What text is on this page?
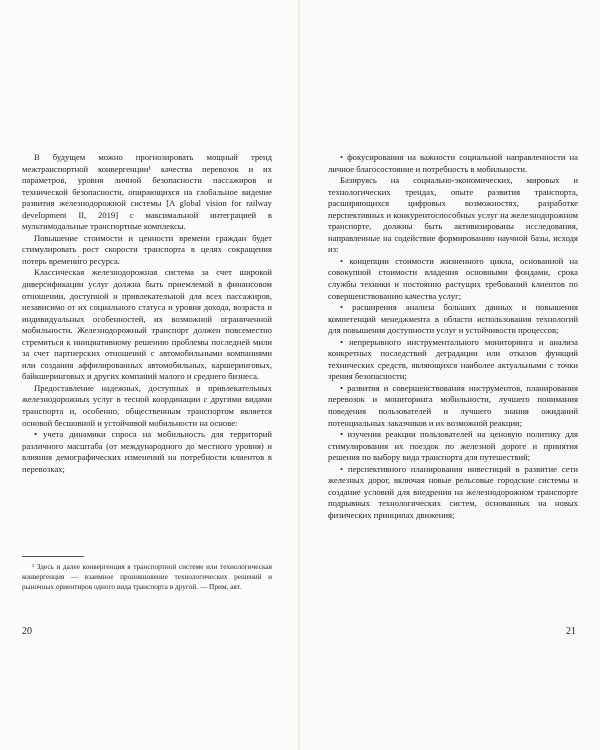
В будущем можно прогнозировать мощный тренд межтранспортной конвергенции¹ качества перевозок и их параметров, уровня личной безопасности пассажиров и технической безопасности, опирающихся на глобальное видение развития железнодорожной системы [A global vision for railway development II, 2019] с максимальной интеграцией в мультимодальные транспортные комплексы.

Повышение стоимости и ценности времени граждан будет стимулировать рост скорости транспорта в целях сокращения потерь времени́го ресурса.

Классическая железнодорожная система за счет широкой диверсификации услуг должна быть приемлемой в финансовом отношении, доступной и привлекательной для всех пассажиров, независимо от их социального статуса и уровня дохода, возраста и индивидуальных особенностей, их возможной ограниченной мобильности. Железнодорожный транспорт должен повсеместно стремиться к инициативному решению проблемы последней мили за счет партнерских отношений с автомобильными компаниями или создания аффилированных автомобильных, каршеринговых, байкшеринговых и других компаний малого и среднего бизнеса.

Предоставление надежных, доступных и привлекательных железнодорожных услуг в тесной координации с другими видами транспорта и, особенно, общественным транспортом является основой бесшовной и устойчивой мобильности на основе:

• учета динамики спроса на мобильность для территорий различного масштаба (от международного до местного уровня) и влияния демографических изменений на потребности клиентов в перевозках;

¹ Здесь и далее конвергенция в транспортной системе или технологическая конвергенция — взаимное проникновение технологических решений и рыночных ориентиров одного вида транспорта в другой. — Прим. авт.

20

• фокусирования на важности социальной направленности на личное благосостояние и потребность в мобильности.

Базируясь на социально-экономических, мировых и технологических трендах, опыте развития транспорта, расширяющихся цифровых возможностях, разработке перспективных и конкурентоспособных услуг на железнодорожном транспорте, должны быть активизированы исследования, направленные на содействие формированию научной базы, исходя из:

• концепции стоимости жизненного цикла, основанной на совокупной стоимости владения основными фондами, срока службы техники и постоянно растущих требований клиентов по совершенствованию качества услуг;

• расширения анализа больших данных и повышения компетенций менеджмента в области использования технологий для повышения доступности услуг и устойчивости процессов;

• непрерывного инструментального мониторинга и анализа конкретных последствий деградации или отказов функций технических средств, являющихся наиболее актуальными с точки зрения безопасности;

• развития и совершенствования инструментов, планирования перевозок и мониторинга мобильности, лучшего понимания поведения пользователей и лучшего знания ожиданий потенциальных заказчиков и их возможной реакции;

• изучения реакции пользователей на ценовую политику для стимулирования их поездок по железной дороге и принятия решения по выбору вида транспорта для путешествий;

• перспективного планирования инвестиций в развитие сети железных дорог, включая новые рельсовые городские системы и создание условий для внедрения на железнодорожном транспорте подрывных технологических систем, основанных на новых физических принципах движения;

21
